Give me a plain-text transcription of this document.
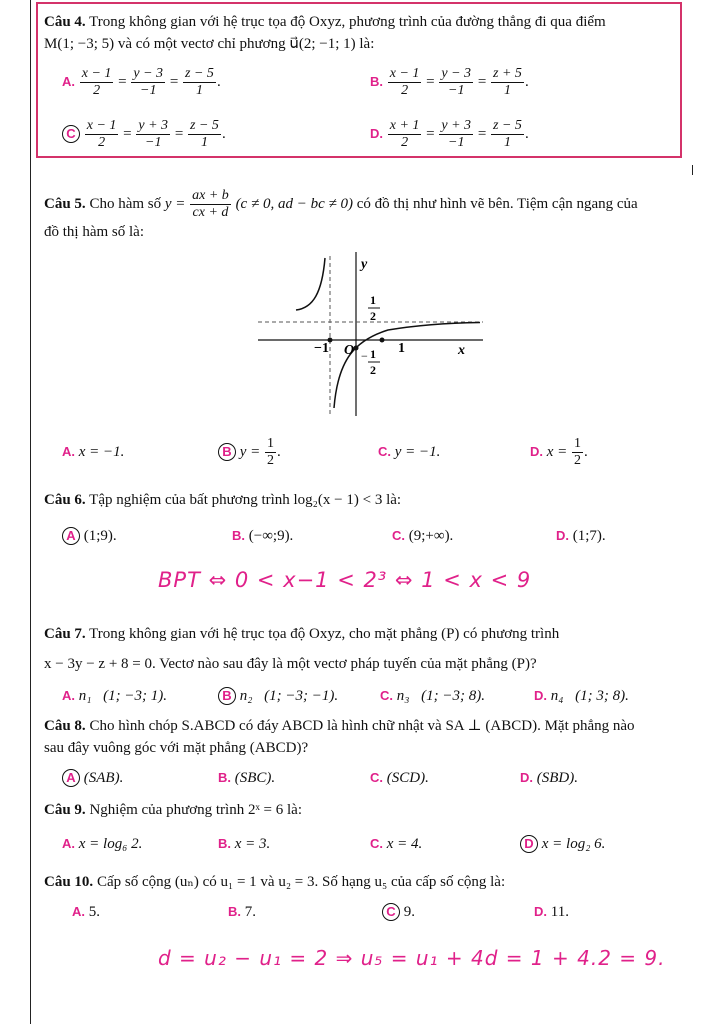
Câu 4. Trong không gian với hệ trục tọa độ Oxyz, phương trình của đường thẳng đi qua điểm
M(1; −3; 5) và có một vectơ chỉ phương u⃗(2; −1; 1) là:
A. $\frac{x - 1}{2} = \frac{y - 3}{-1} = \frac{z - 5}{1}$ .	B. $\frac{x - 1}{2} = \frac{y - 3}{-1} = \frac{z + 5}{1}$ .
C $\frac{x - 1}{2} = \frac{y + 3}{-1} = \frac{z - 5}{1}$ .	D. $\frac{x + 1}{2} = \frac{y + 3}{-1} = \frac{z - 5}{1}$ .
Câu 5. Cho hàm số $y = \frac{ax + b}{cx + d} (c \ne 0$, ad − bc ≠ 0) có đồ thị như hình vẽ bên. Tiệm cận ngang của
đồ thị hàm số là:
y
x
O
−1	1
1
2
− 1
2
A. x = −1.	B $y = \frac{1}{2}$ .	C. y = −1.	D. $x = \frac{1}{2}$ .
Câu 6. Tập nghiệm của bất phương trình log₂(x − 1) < 3 là:
A (1;9).	B. (−∞;9).	C. (9;+∞).	D. (1;7).
BPT ⇔ 0 < x−1 < 2³ ⇔ 1 < x < 9
Câu 7. Trong không gian với hệ trục tọa độ Oxyz, cho mặt phẳng (P) có phương trình
x − 3y − z + 8 = 0. Vectơ nào sau đây là một vectơ pháp tuyến của mặt phẳng (P)?
A. n₁⃗(1; −3; 1).	B n₂⃗(1; −3; −1).	C. n₃⃗(1; −3; 8).	D. n₄⃗(1; 3; 8).
Câu 8. Cho hình chóp S.ABCD có đáy ABCD là hình chữ nhật và SA ⊥ (ABCD). Mặt phẳng nào
sau đây vuông góc với mặt phẳng (ABCD)?
A (SAB).	B. (SBC).	C. (SCD).	D. (SBD).
Câu 9. Nghiệm của phương trình 2ˣ = 6 là:
A. x = log₆ 2.	B. x = 3.	C. x = 4.	D x = log₂ 6.
Câu 10. Cấp số cộng (uₙ) có u₁ = 1 và u₂ = 3. Số hạng u₅ của cấp số cộng là:
A. 5.	B. 7.	C 9.	D. 11.
d = u₂ − u₁ = 2 ⇒ u₅ = u₁ + 4d = 1 + 4.2 = 9.
